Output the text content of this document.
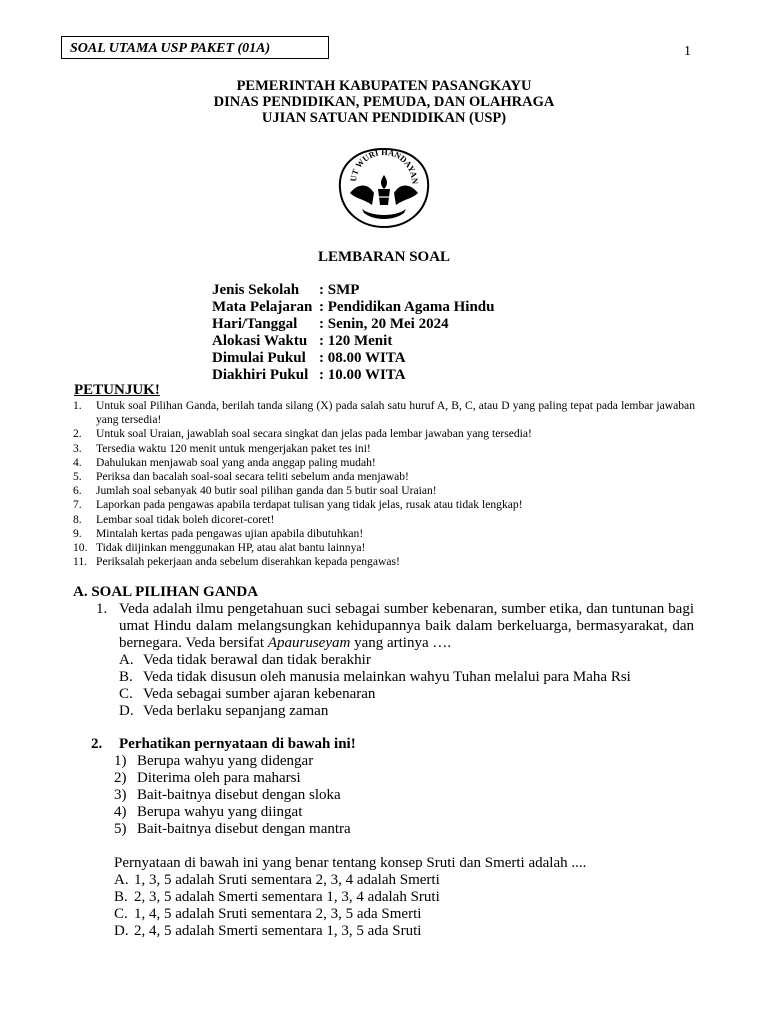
SOAL UTAMA USP PAKET (01A)	1
PEMERINTAH KABUPATEN PASANGKAYU
DINAS PENDIDIKAN, PEMUDA, DAN OLAHRAGA
UJIAN SATUAN PENDIDIKAN (USP)
UT WURI HANDAYAN
LEMBARAN SOAL
Jenis Sekolah	: SMP
Mata Pelajaran : Pendidikan Agama Hindu
Hari/Tanggal	: Senin, 20 Mei 2024
Alokasi Waktu : 120 Menit
Dimulai Pukul : 08.00 WITA
Diakhiri Pukul : 10.00 WITA
PETUNJUK!
1.	Untuk soal Pilihan Ganda, berilah tanda silang (X) pada salah satu huruf A, B, C, atau D yang paling tepat pada lembar jawaban yang tersedia!
2.	Untuk soal Uraian, jawablah soal secara singkat dan jelas pada lembar jawaban yang tersedia!
3.	Tersedia waktu 120 menit untuk mengerjakan paket tes ini!
4.	Dahulukan menjawab soal yang anda anggap paling mudah!
5.	Periksa dan bacalah soal-soal secara teliti sebelum anda menjawab!
6.	Jumlah soal sebanyak 40 butir soal pilihan ganda dan 5 butir soal Uraian!
7.	Laporkan pada pengawas apabila terdapat tulisan yang tidak jelas, rusak atau tidak lengkap!
8.	Lembar soal tidak boleh dicoret-coret!
9.	Mintalah kertas pada pengawas ujian apabila dibutuhkan!
10. Tidak diijinkan menggunakan HP, atau alat bantu lainnya!
11. Periksalah pekerjaan anda sebelum diserahkan kepada pengawas!
A. SOAL PILIHAN GANDA
1. Veda adalah ilmu pengetahuan suci sebagai sumber kebenaran, sumber etika, dan tuntunan bagi umat Hindu dalam melangsungkan kehidupannya baik dalam berkeluarga, bermasyarakat, dan bernegara. Veda bersifat Apauruseyam yang artinya ….
A. Veda tidak berawal dan tidak berakhir
B. Veda tidak disusun oleh manusia melainkan wahyu Tuhan melalui para Maha Rsi
C. Veda sebagai sumber ajaran kebenaran
D. Veda berlaku sepanjang zaman
2.	Perhatikan pernyataan di bawah ini!
1) Berupa wahyu yang didengar
2) Diterima oleh para maharsi
3) Bait-baitnya disebut dengan sloka
4) Berupa wahyu yang diingat
5) Bait-baitnya disebut dengan mantra
Pernyataan di bawah ini yang benar tentang konsep Sruti dan Smerti adalah ....
A. 1, 3, 5 adalah Sruti sementara 2, 3, 4 adalah Smerti
B. 2, 3, 5 adalah Smerti sementara 1, 3, 4 adalah Sruti
C. 1, 4, 5 adalah Sruti sementara 2, 3, 5 ada Smerti
D. 2, 4, 5 adalah Smerti sementara 1, 3, 5 ada Sruti
